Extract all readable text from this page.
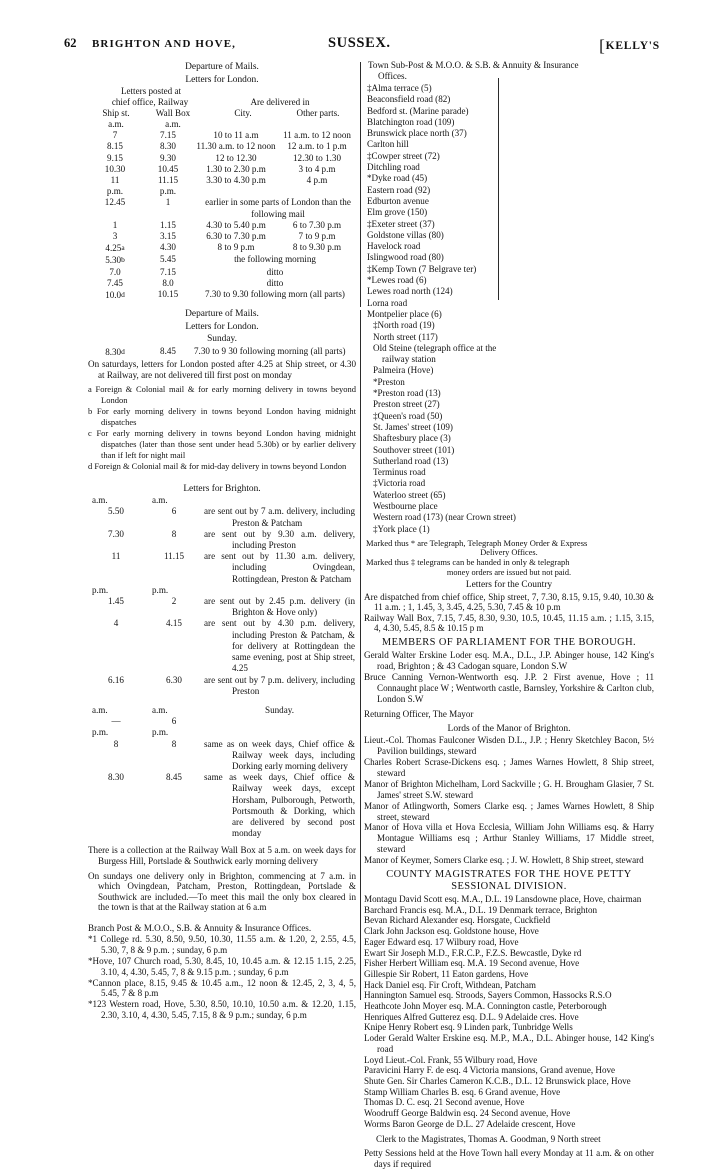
62 BRIGHTON AND HOVE,	SUSSEX.	[KELLY'S
Departure of Mails.
Letters for London.
Letters posted at
chief office, Railway
Ship st.	Wall Box
Are delivered in
City.	Other parts.
a.m.	a.m.
7	7.15	10 to 11 a.m	11 a.m. to 12 noon
8.15	8.30	11.30 a.m. to 12 noon	12 a.m. to 1 p.m
9.15	9.30	12 to 12.30	12.30 to 1.30
10.30	10.45	1.30 to 2.30 p.m	3 to 4 p.m
11	11.15	3.30 to 4.30 p.m	4 p.m
p.m.	p.m.		
12.45	1	earlier in some parts of London than the following mail	
1	1.15	4.30 to 5.40 p.m	6 to 7.30 p.m
3	3.15	6.30 to 7.30 p.m	7 to 9 p.m
4.25a	4.30	8 to 9 p.m	8 to 9.30 p.m
5.30b	5.45	the following morning	
7.0	7.15	ditto	
7.45	8.0	ditto	
10.0d	10.15	7.30 to 9.30 following morn (all parts)	
Departure of Mails.
Letters for London.
Sunday.
8.30d	8.45	7.30 to 9 30 following morning (all parts)
On saturdays, letters for London posted after 4.25 at Ship street, or 4.30 at Railway, are not delivered till first post on monday
a Foreign & Colonial mail & for early morning delivery in towns beyond London
b For early morning delivery in towns beyond London having midnight dispatches
c For early morning delivery in towns beyond London having midnight dispatches (later than those sent under head 5.30b) or by earlier delivery than if left for night mail
d Foreign & Colonial mail & for mid-day delivery in towns beyond London
Letters for Brighton.
a.m.	a.m.	
5.50	6	are sent out by 7 a.m. delivery, including Preston & Patcham
7.30	8	are sent out by 9.30 a.m. delivery, including Preston
11	11.15	are sent out by 11.30 a.m. delivery, including Ovingdean, Rottingdean, Preston & Patcham
p.m.	p.m.	
1.45	2	are sent out by 2.45 p.m. delivery (in Brighton & Hove only)
4	4.15	are sent out by 4.30 p.m. delivery, including Preston & Patcham, & for delivery at Rottingdean the same evening, post at Ship street, 4.25
6.16	6.30	are sent out by 7 p.m. delivery, including Preston
a.m.	a.m.	Sunday.
—	6	
p.m.	p.m.	
8	8	same as on week days, Chief office & Railway week days, including Dorking early morning delivery
8.30	8.45	same as week days, Chief office & Railway week days, except Horsham, Pulborough, Petworth, Portsmouth & Dorking, which are delivered by second post monday
There is a collection at the Railway Wall Box at 5 a.m. on week days for Burgess Hill, Portslade & Southwick early morning delivery
On sundays one delivery only in Brighton, commencing at 7 a.m. in which Ovingdean, Patcham, Preston, Rottingdean, Portslade & Southwick are included.—To meet this mail the only box cleared in the town is that at the Railway station at 6 a.m
Branch Post & M.O.O., S.B. & Annuity & Insurance Offices.
*1 College rd. 5.30, 8.50, 9.50, 10.30, 11.55 a.m. & 1.20, 2, 2.55, 4.5, 5.30, 7, 8 & 9 p.m. ; sunday, 6 p.m
*Hove, 107 Church road, 5.30, 8.45, 10, 10.45 a.m. & 12.15 1.15, 2.25, 3.10, 4, 4.30, 5.45, 7, 8 & 9.15 p.m. ; sunday, 6 p.m
*Cannon place, 8.15, 9.45 & 10.45 a.m., 12 noon & 12.45, 2, 3, 4, 5, 5.45, 7 & 8 p.m
*123 Western road, Hove, 5.30, 8.50, 10.10, 10.50 a.m. & 12.20, 1.15, 2.30, 3.10, 4, 4.30, 5.45, 7.15, 8 & 9 p.m.; sunday, 6 p.m
Town Sub-Post & M.O.O. & S.B. & Annuity & Insurance
Offices.
‡Alma terrace (5)
Beaconsfield road (82)
Bedford st. (Marine parade)
Blatchington road (109)
Brunswick place north (37)
Carlton hill
‡Cowper street (72)
Ditchling road
*Dyke road (45)
Eastern road (92)
Edburton avenue
Elm grove (150)
‡Exeter street (37)
Goldstone villas (80)
Havelock road
Islingwood road (80)
‡Kemp Town (7 Belgrave ter)
*Lewes road (6)
Lewes road north (124)
Lorna road
Montpelier place (6)
‡North road (19)
North street (117)
Old Steine (telegraph office at the railway station
Palmeira (Hove)
*Preston
*Preston road (13)
Preston street (27)
‡Queen's road (50)
St. James' street (109)
Shaftesbury place (3)
Southover street (101)
Sutherland road (13)
Terminus road
‡Victoria road
Waterloo street (65)
Westbourne place
Western road (173) (near Crown street)
‡York place (1)
Marked thus * are Telegraph, Telegraph Money Order & Express
Delivery Offices.
Marked thus ‡ telegrams can be handed in only & telegraph
money orders are issued but not paid.
Letters for the Country
Are dispatched from chief office, Ship street, 7, 7.30, 8.15, 9.15, 9.40, 10.30 & 11 a.m. ; 1, 1.45, 3, 3.45, 4.25, 5.30, 7.45 & 10 p.m
Railway Wall Box, 7.15, 7.45, 8.30, 9.30, 10.5, 10.45, 11.15 a.m. ; 1.15, 3.15, 4, 4.30, 5.45, 8.5 & 10.15 p m
MEMBERS OF PARLIAMENT FOR THE BOROUGH.
Gerald Walter Erskine Loder esq. M.A., D.L., J.P. Abinger house, 142 King's road, Brighton ; & 43 Cadogan square, London S.W
Bruce Canning Vernon-Wentworth esq. J.P. 2 First avenue, Hove ; 11 Connaught place W ; Wentworth castle, Barnsley, Yorkshire & Carlton club, London S.W
Returning Officer, The Mayor
Lords of the Manor of Brighton.
Lieut.-Col. Thomas Faulconer Wisden D.L., J.P. ; Henry Sketchley Bacon, 5½ Pavilion buildings, steward
Charles Robert Scrase-Dickens esq. ; James Warnes Howlett, 8 Ship street, steward
Manor of Brighton Michelham, Lord Sackville ; G. H. Brougham Glasier, 7 St. James' street S.W. steward
Manor of Atlingworth, Somers Clarke esq. ; James Warnes Howlett, 8 Ship street, steward
Manor of Hova villa et Hova Ecclesia, William John Williams esq. & Harry Montague Williams esq ; Arthur Stanley Williams, 17 Middle street, steward
Manor of Keymer, Somers Clarke esq. ; J. W. Howlett, 8 Ship street, steward
COUNTY MAGISTRATES FOR THE HOVE PETTY
SESSIONAL DIVISION.
Montagu David Scott esq. M.A., D.L. 19 Lansdowne place, Hove, chairman
Barchard Francis esq. M.A., D.L. 19 Denmark terrace, Brighton
Bevan Richard Alexander esq. Horsgate, Cuckfield
Clark John Jackson esq. Goldstone house, Hove
Eager Edward esq. 17 Wilbury road, Hove
Ewart Sir Joseph M.D., F.R.C.P., F.Z.S. Bewcastle, Dyke rd
Fisher Herbert William esq. M.A. 19 Second avenue, Hove
Gillespie Sir Robert, 11 Eaton gardens, Hove
Hack Daniel esq. Fir Croft, Withdean, Patcham
Hannington Samuel esq. Stroods, Sayers Common, Hassocks R.S.O
Heathcote John Moyer esq. M.A. Connington castle, Peterborough
Henriques Alfred Gutterez esq. D.L. 9 Adelaide cres. Hove
Knipe Henry Robert esq. 9 Linden park, Tunbridge Wells
Loder Gerald Walter Erskine esq. M.P., M.A., D.L. Abinger house, 142 King's road
Loyd Lieut.-Col. Frank, 55 Wilbury road, Hove
Paravicini Harry F. de esq. 4 Victoria mansions, Grand avenue, Hove
Shute Gen. Sir Charles Cameron K.C.B., D.L. 12 Brunswick place, Hove
Stamp William Charles B. esq. 6 Grand avenue, Hove
Thomas D. C. esq. 21 Second avenue, Hove
Woodruff George Baldwin esq. 24 Second avenue, Hove
Worms Baron George de D.L. 27 Adelaide crescent, Hove
Clerk to the Magistrates, Thomas A. Goodman, 9 North street
Petty Sessions held at the Hove Town hall every Monday at 11 a.m. & on other days if required
